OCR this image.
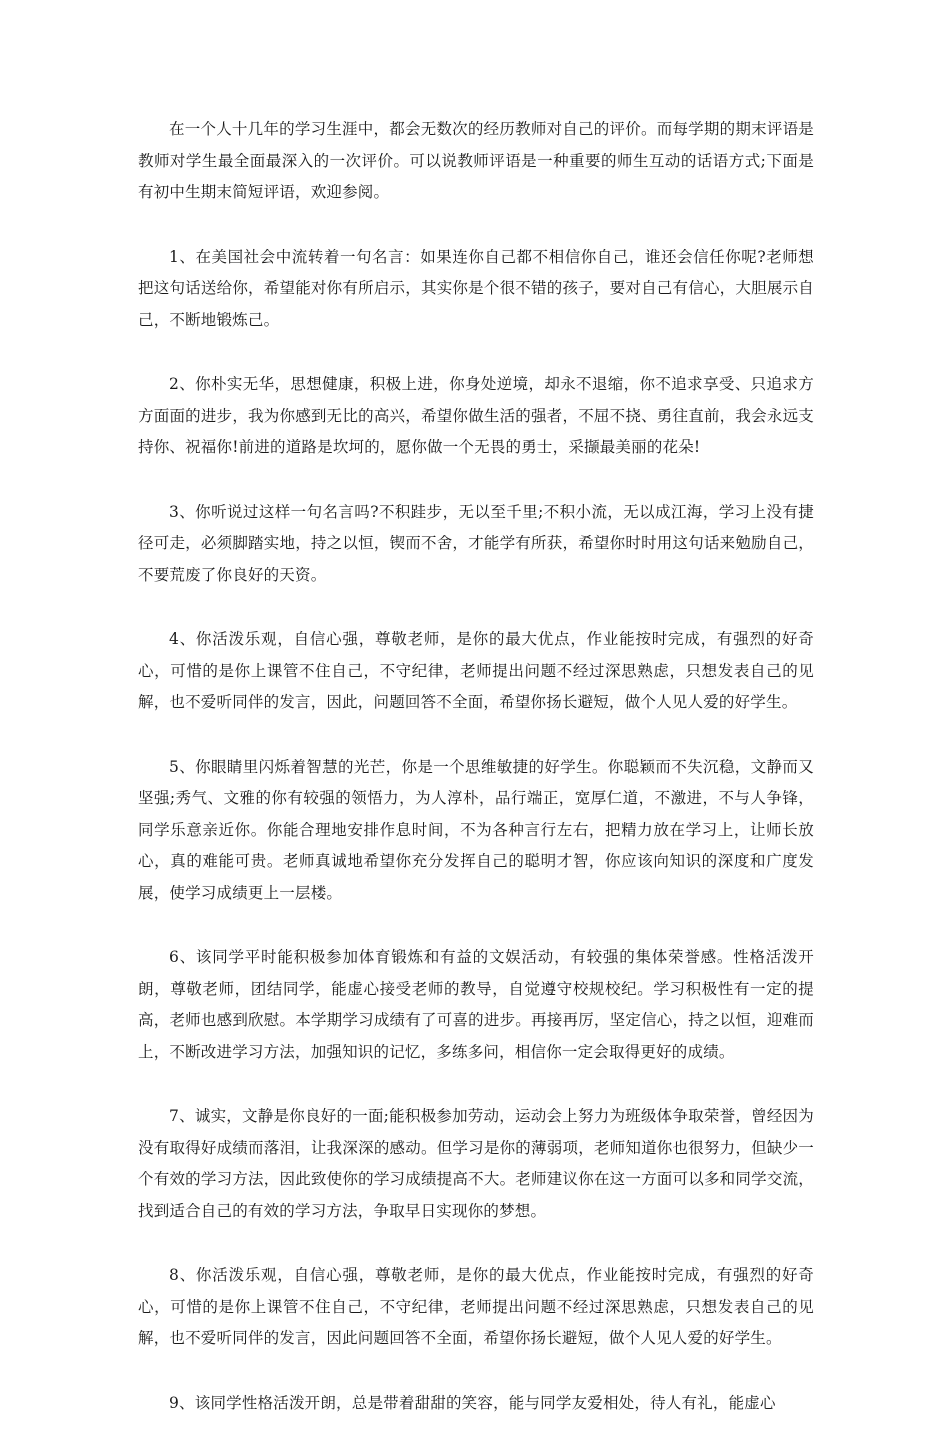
在一个人十几年的学习生涯中，都会无数次的经历教师对自己的评价。而每学期的期末评语是教师对学生最全面最深入的一次评价。可以说教师评语是一种重要的师生互动的话语方式;下面是有初中生期末简短评语，欢迎参阅。

1、在美国社会中流转着一句名言：如果连你自己都不相信你自己，谁还会信任你呢?老师想把这句话送给你，希望能对你有所启示，其实你是个很不错的孩子，要对自己有信心，大胆展示自己，不断地锻炼己。

2、你朴实无华，思想健康，积极上进，你身处逆境，却永不退缩，你不追求享受、只追求方方面面的进步，我为你感到无比的高兴，希望你做生活的强者，不屈不挠、勇往直前，我会永远支持你、祝福你!前进的道路是坎坷的，愿你做一个无畏的勇士，采撷最美丽的花朵!

3、你听说过这样一句名言吗?不积跬步，无以至千里;不积小流，无以成江海，学习上没有捷径可走，必须脚踏实地，持之以恒，锲而不舍，才能学有所获，希望你时时用这句话来勉励自己，不要荒废了你良好的天资。

4、你活泼乐观，自信心强，尊敬老师，是你的最大优点，作业能按时完成，有强烈的好奇心，可惜的是你上课管不住自己，不守纪律，老师提出问题不经过深思熟虑，只想发表自己的见解，也不爱听同伴的发言，因此，问题回答不全面，希望你扬长避短，做个人见人爱的好学生。

5、你眼睛里闪烁着智慧的光芒，你是一个思维敏捷的好学生。你聪颖而不失沉稳，文静而又坚强;秀气、文雅的你有较强的领悟力，为人淳朴，品行端正，宽厚仁道，不激进，不与人争锋，同学乐意亲近你。你能合理地安排作息时间，不为各种言行左右，把精力放在学习上，让师长放心，真的难能可贵。老师真诚地希望你充分发挥自己的聪明才智，你应该向知识的深度和广度发展，使学习成绩更上一层楼。

6、该同学平时能积极参加体育锻炼和有益的文娱活动，有较强的集体荣誉感。性格活泼开朗，尊敬老师，团结同学，能虚心接受老师的教导，自觉遵守校规校纪。学习积极性有一定的提高，老师也感到欣慰。本学期学习成绩有了可喜的进步。再接再厉，坚定信心，持之以恒，迎难而上，不断改进学习方法，加强知识的记忆，多练多问，相信你一定会取得更好的成绩。

7、诚实，文静是你良好的一面;能积极参加劳动，运动会上努力为班级体争取荣誉，曾经因为没有取得好成绩而落泪，让我深深的感动。但学习是你的薄弱项，老师知道你也很努力，但缺少一个有效的学习方法，因此致使你的学习成绩提高不大。老师建议你在这一方面可以多和同学交流，找到适合自己的有效的学习方法，争取早日实现你的梦想。

8、你活泼乐观，自信心强，尊敬老师，是你的最大优点，作业能按时完成，有强烈的好奇心，可惜的是你上课管不住自己，不守纪律，老师提出问题不经过深思熟虑，只想发表自己的见解，也不爱听同伴的发言，因此问题回答不全面，希望你扬长避短，做个人见人爱的好学生。

9、该同学性格活泼开朗，总是带着甜甜的笑容，能与同学友爱相处，待人有礼，能虚心
